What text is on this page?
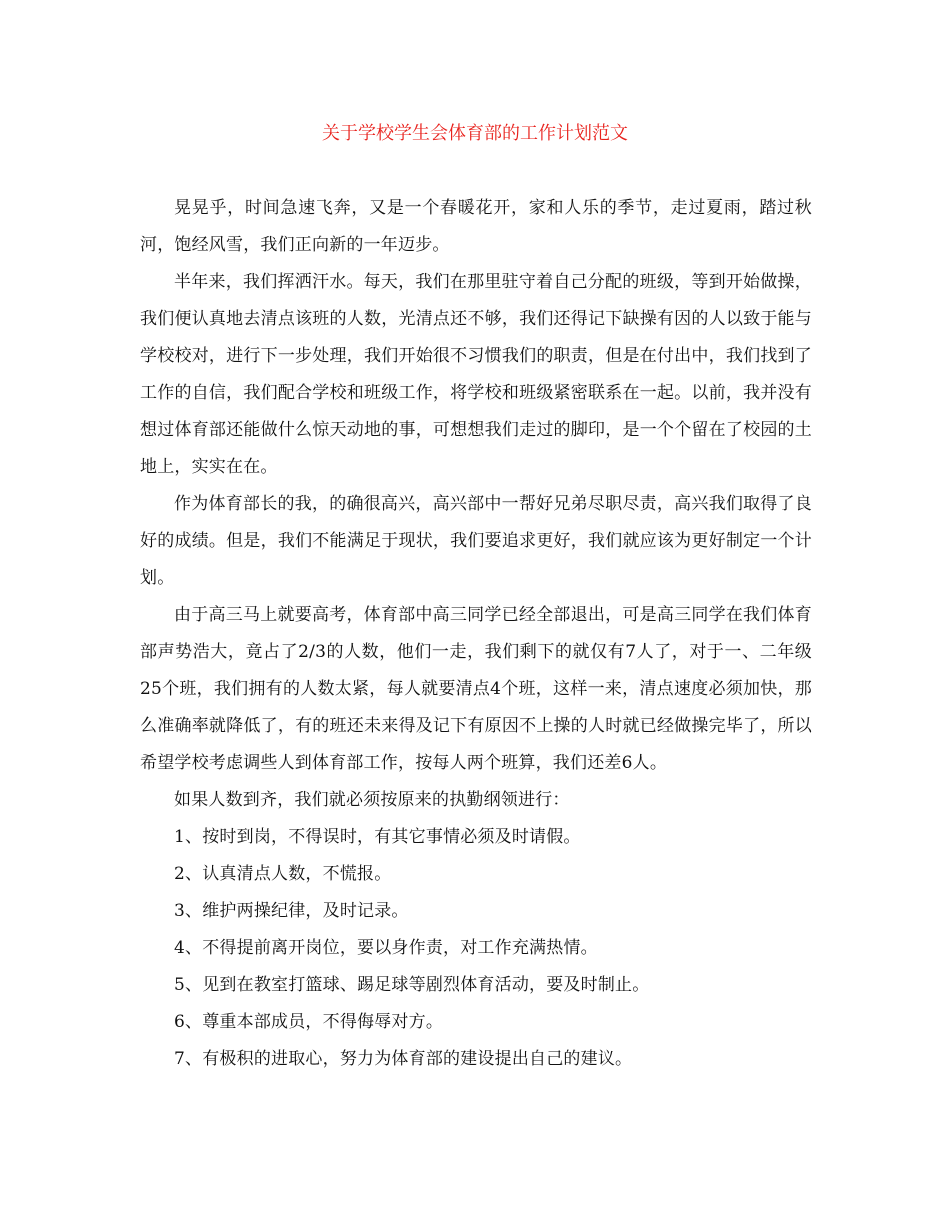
关于学校学生会体育部的工作计划范文

晃晃乎，时间急速飞奔，又是一个春暖花开，家和人乐的季节，走过夏雨，踏过秋河，饱经风雪，我们正向新的一年迈步。

半年来，我们挥洒汗水。每天，我们在那里驻守着自己分配的班级，等到开始做操，我们便认真地去清点该班的人数，光清点还不够，我们还得记下缺操有因的人以致于能与学校校对，进行下一步处理，我们开始很不习惯我们的职责，但是在付出中，我们找到了工作的自信，我们配合学校和班级工作，将学校和班级紧密联系在一起。以前，我并没有想过体育部还能做什么惊天动地的事，可想想我们走过的脚印，是一个个留在了校园的土地上，实实在在。

作为体育部长的我，的确很高兴，高兴部中一帮好兄弟尽职尽责，高兴我们取得了良好的成绩。但是，我们不能满足于现状，我们要追求更好，我们就应该为更好制定一个计划。

由于高三马上就要高考，体育部中高三同学已经全部退出，可是高三同学在我们体育部声势浩大，竟占了2/3的人数，他们一走，我们剩下的就仅有7人了，对于一、二年级25个班，我们拥有的人数太紧，每人就要清点4个班，这样一来，清点速度必须加快，那么准确率就降低了，有的班还未来得及记下有原因不上操的人时就已经做操完毕了，所以希望学校考虑调些人到体育部工作，按每人两个班算，我们还差6人。

如果人数到齐，我们就必须按原来的执勤纲领进行：

1、按时到岗，不得误时，有其它事情必须及时请假。

2、认真清点人数，不慌报。

3、维护两操纪律，及时记录。

4、不得提前离开岗位，要以身作责，对工作充满热情。

5、见到在教室打篮球、踢足球等剧烈体育活动，要及时制止。

6、尊重本部成员，不得侮辱对方。

7、有极积的进取心，努力为体育部的建设提出自己的建议。
